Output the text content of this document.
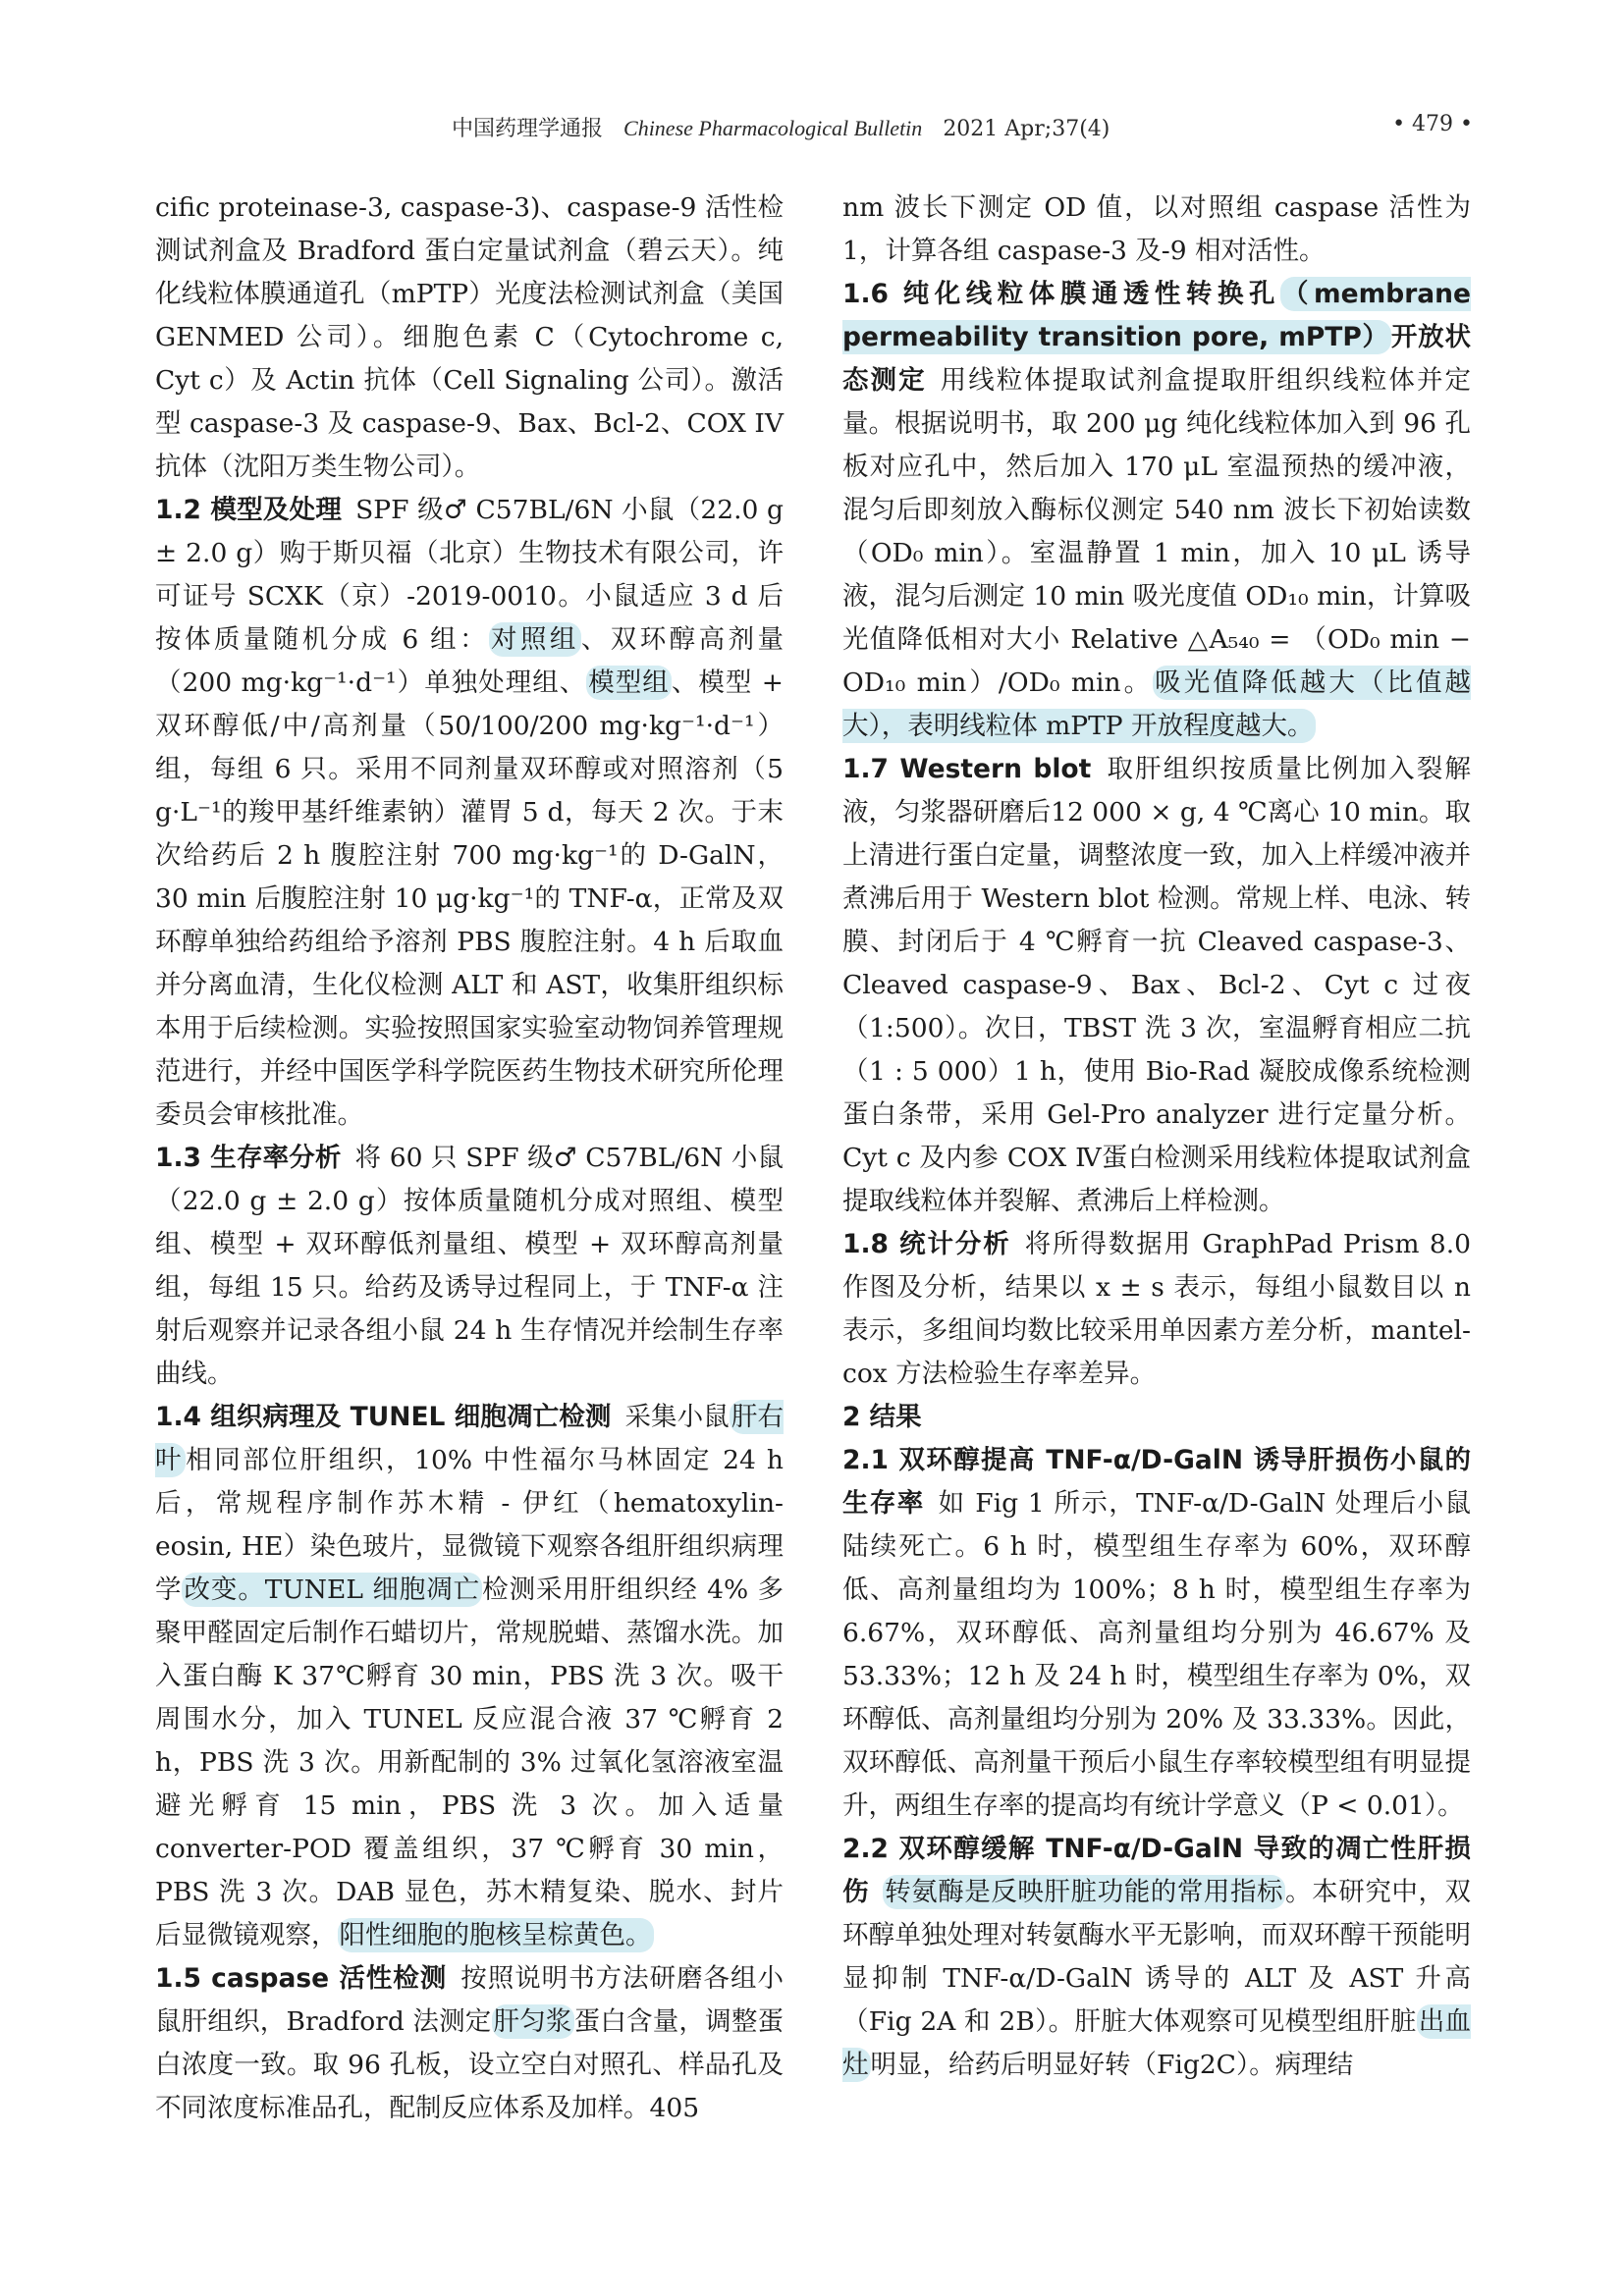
中国药理学通报 Chinese Pharmacological Bulletin 2021 Apr;37(4)	• 479 •

cific proteinase-3, caspase-3)、caspase-9 活性检测试剂盒及 Bradford 蛋白定量试剂盒（碧云天）。纯化线粒体膜通道孔（mPTP）光度法检测试剂盒（美国 GENMED 公司）。细胞色素 C（Cytochrome c, Cyt c）及 Actin 抗体（Cell Signaling 公司）。激活型 caspase-3 及 caspase-9、Bax、Bcl-2、COX IV 抗体（沈阳万类生物公司）。

1.2 模型及处理 SPF 级♂ C57BL/6N 小鼠（22.0 g ± 2.0 g）购于斯贝福（北京）生物技术有限公司，许可证号 SCXK（京）-2019-0010。小鼠适应 3 d 后按体质量随机分成 6 组：对照组、双环醇高剂量（200 mg·kg⁻¹·d⁻¹）单独处理组、模型组、模型 + 双环醇低/中/高剂量（50/100/200 mg·kg⁻¹·d⁻¹）组，每组 6 只。采用不同剂量双环醇或对照溶剂（5 g·L⁻¹的羧甲基纤维素钠）灌胃 5 d，每天 2 次。于末次给药后 2 h 腹腔注射 700 mg·kg⁻¹的 D-GalN，30 min 后腹腔注射 10 μg·kg⁻¹的 TNF-α，正常及双环醇单独给药组给予溶剂 PBS 腹腔注射。4 h 后取血并分离血清，生化仪检测 ALT 和 AST，收集肝组织标本用于后续检测。实验按照国家实验室动物饲养管理规范进行，并经中国医学科学院医药生物技术研究所伦理委员会审核批准。

1.3 生存率分析 将 60 只 SPF 级♂ C57BL/6N 小鼠（22.0 g ± 2.0 g）按体质量随机分成对照组、模型组、模型 + 双环醇低剂量组、模型 + 双环醇高剂量组，每组 15 只。给药及诱导过程同上，于 TNF-α 注射后观察并记录各组小鼠 24 h 生存情况并绘制生存率曲线。

1.4 组织病理及 TUNEL 细胞凋亡检测 采集小鼠肝右叶相同部位肝组织，10% 中性福尔马林固定 24 h 后，常规程序制作苏木精 - 伊红（hematoxylin-eosin, HE）染色玻片，显微镜下观察各组肝组织病理学改变。TUNEL 细胞凋亡检测采用肝组织经 4% 多聚甲醛固定后制作石蜡切片，常规脱蜡、蒸馏水洗。加入蛋白酶 K 37℃孵育 30 min，PBS 洗 3 次。吸干周围水分，加入 TUNEL 反应混合液 37 ℃孵育 2 h，PBS 洗 3 次。用新配制的 3% 过氧化氢溶液室温避光孵育 15 min，PBS 洗 3 次。加入适量 converter-POD 覆盖组织，37 ℃孵育 30 min，PBS 洗 3 次。DAB 显色，苏木精复染、脱水、封片后显微镜观察，阳性细胞的胞核呈棕黄色。

1.5 caspase 活性检测 按照说明书方法研磨各组小鼠肝组织，Bradford 法测定肝匀浆蛋白含量，调整蛋白浓度一致。取 96 孔板，设立空白对照孔、样品孔及不同浓度标准品孔，配制反应体系及加样。405

nm 波长下测定 OD 值，以对照组 caspase 活性为 1，计算各组 caspase-3 及-9 相对活性。

1.6 纯化线粒体膜通透性转换孔（membrane permeability transition pore, mPTP）开放状态测定 用线粒体提取试剂盒提取肝组织线粒体并定量。根据说明书，取 200 μg 纯化线粒体加入到 96 孔板对应孔中，然后加入 170 μL 室温预热的缓冲液，混匀后即刻放入酶标仪测定 540 nm 波长下初始读数（OD₀ min）。室温静置 1 min，加入 10 μL 诱导液，混匀后测定 10 min 吸光度值 OD₁₀ min，计算吸光值降低相对大小 Relative △A₅₄₀ = （OD₀ min − OD₁₀ min）/OD₀ min。吸光值降低越大（比值越大），表明线粒体 mPTP 开放程度越大。

1.7 Western blot 取肝组织按质量比例加入裂解液，匀浆器研磨后12 000 × g, 4 ℃离心 10 min。取上清进行蛋白定量，调整浓度一致，加入上样缓冲液并煮沸后用于 Western blot 检测。常规上样、电泳、转膜、封闭后于 4 ℃孵育一抗 Cleaved caspase-3、Cleaved caspase-9、Bax、Bcl-2、Cyt c 过夜（1:500）。次日，TBST 洗 3 次，室温孵育相应二抗（1 : 5 000）1 h，使用 Bio-Rad 凝胶成像系统检测蛋白条带，采用 Gel-Pro analyzer 进行定量分析。Cyt c 及内参 COX Ⅳ蛋白检测采用线粒体提取试剂盒提取线粒体并裂解、煮沸后上样检测。

1.8 统计分析 将所得数据用 GraphPad Prism 8.0 作图及分析，结果以 x ± s 表示，每组小鼠数目以 n 表示，多组间均数比较采用单因素方差分析，mantel-cox 方法检验生存率差异。

2 结果

2.1 双环醇提高 TNF-α/D-GalN 诱导肝损伤小鼠的生存率 如 Fig 1 所示，TNF-α/D-GalN 处理后小鼠陆续死亡。6 h 时，模型组生存率为 60%，双环醇低、高剂量组均为 100%；8 h 时，模型组生存率为 6.67%，双环醇低、高剂量组均分别为 46.67% 及 53.33%；12 h 及 24 h 时，模型组生存率为 0%，双环醇低、高剂量组均分别为 20% 及 33.33%。因此，双环醇低、高剂量干预后小鼠生存率较模型组有明显提升，两组生存率的提高均有统计学意义（P < 0.01）。

2.2 双环醇缓解 TNF-α/D-GalN 导致的凋亡性肝损伤 转氨酶是反映肝脏功能的常用指标。本研究中，双环醇单独处理对转氨酶水平无影响，而双环醇干预能明显抑制 TNF-α/D-GalN 诱导的 ALT 及 AST 升高（Fig 2A 和 2B）。肝脏大体观察可见模型组肝脏出血灶明显，给药后明显好转（Fig2C）。病理结
